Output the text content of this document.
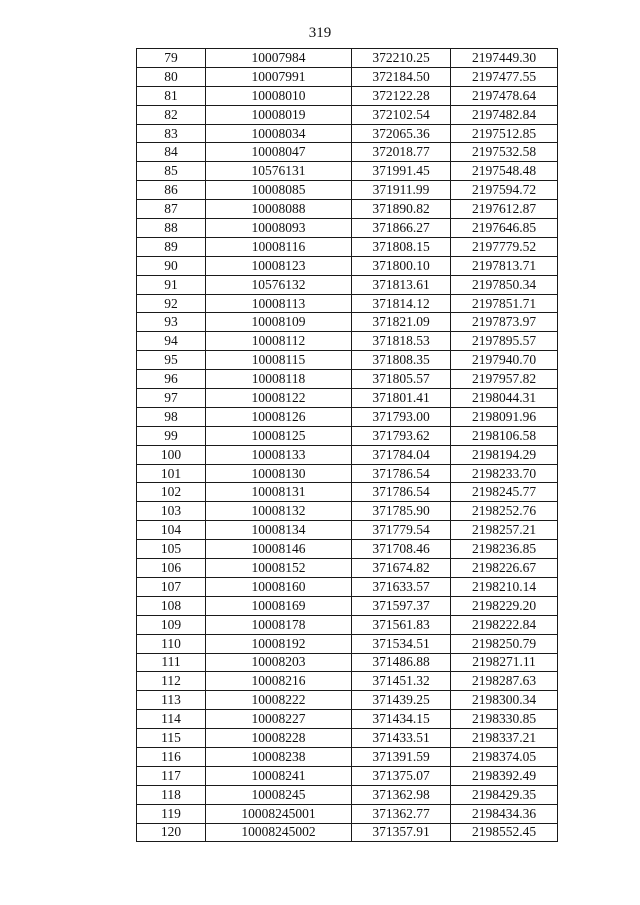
319
79	10007984	372210.25	2197449.30
80	10007991	372184.50	2197477.55
81	10008010	372122.28	2197478.64
82	10008019	372102.54	2197482.84
83	10008034	372065.36	2197512.85
84	10008047	372018.77	2197532.58
85	10576131	371991.45	2197548.48
86	10008085	371911.99	2197594.72
87	10008088	371890.82	2197612.87
88	10008093	371866.27	2197646.85
89	10008116	371808.15	2197779.52
90	10008123	371800.10	2197813.71
91	10576132	371813.61	2197850.34
92	10008113	371814.12	2197851.71
93	10008109	371821.09	2197873.97
94	10008112	371818.53	2197895.57
95	10008115	371808.35	2197940.70
96	10008118	371805.57	2197957.82
97	10008122	371801.41	2198044.31
98	10008126	371793.00	2198091.96
99	10008125	371793.62	2198106.58
100	10008133	371784.04	2198194.29
101	10008130	371786.54	2198233.70
102	10008131	371786.54	2198245.77
103	10008132	371785.90	2198252.76
104	10008134	371779.54	2198257.21
105	10008146	371708.46	2198236.85
106	10008152	371674.82	2198226.67
107	10008160	371633.57	2198210.14
108	10008169	371597.37	2198229.20
109	10008178	371561.83	2198222.84
110	10008192	371534.51	2198250.79
111	10008203	371486.88	2198271.11
112	10008216	371451.32	2198287.63
113	10008222	371439.25	2198300.34
114	10008227	371434.15	2198330.85
115	10008228	371433.51	2198337.21
116	10008238	371391.59	2198374.05
117	10008241	371375.07	2198392.49
118	10008245	371362.98	2198429.35
119	10008245001	371362.77	2198434.36
120	10008245002	371357.91	2198552.45
